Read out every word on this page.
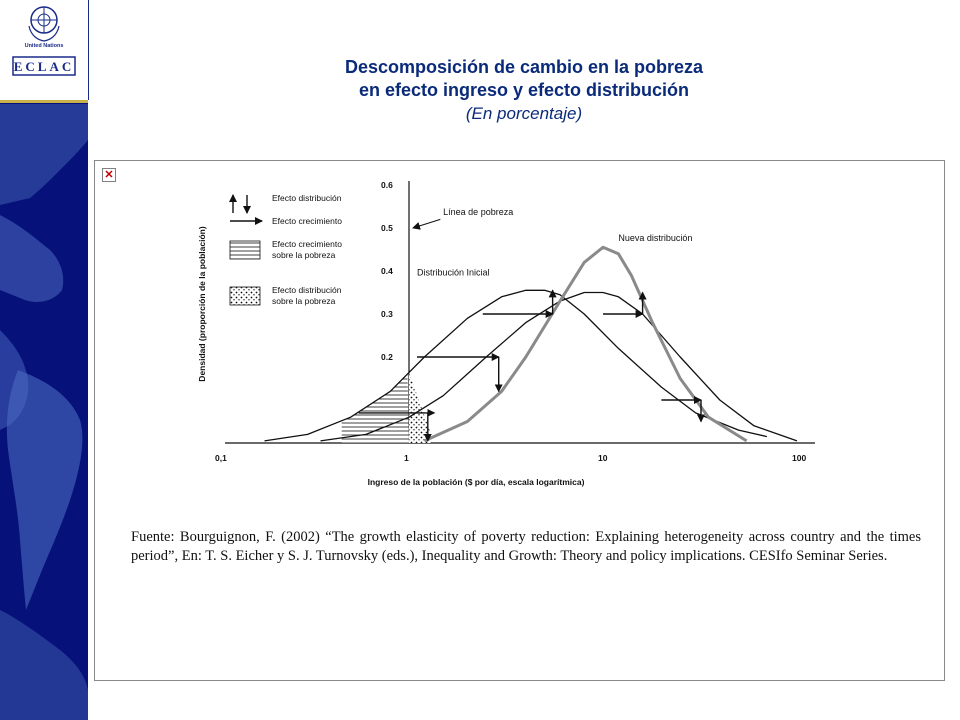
United Nations
ECLAC	Descomposición de cambio en la pobreza
en efecto ingreso y efecto distribución
(En porcentaje)
✕
0.2
0.3
0.4
0.5
0.6
0,1	1	10	100
Ingreso de la población ($ por día, escala logarítmica)
Densidad (proporción de la población)
Línea de pobreza
Nueva distribución
Distribución Inicial
Efecto distribución
Efecto crecimiento
Efecto crecimiento
sobre la pobreza
Efecto distribución
sobre la pobreza
Fuente: Bourguignon, F. (2002) “The growth elasticity of poverty reduction: Explaining heterogeneity across country and the times period”, En: T. S. Eicher y S. J. Turnovsky (eds.), Inequality and Growth: Theory and policy implications. CESIfo Seminar Series.
